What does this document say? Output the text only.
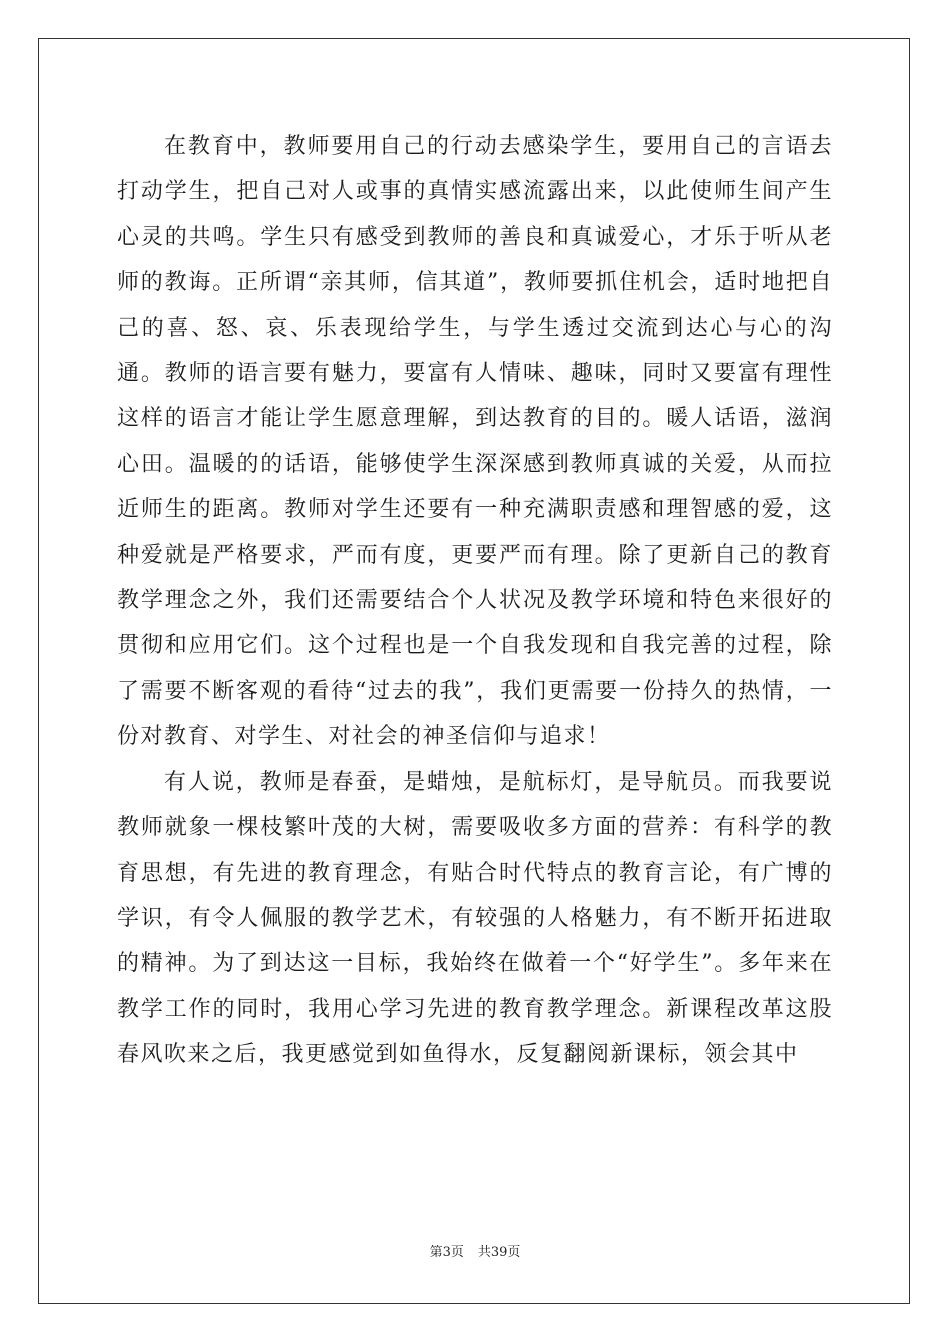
在教育中，教师要用自己的行动去感染学生，要用自己的言语去打动学生，把自己对人或事的真情实感流露出来，以此使师生间产生心灵的共鸣。学生只有感受到教师的善良和真诚爱心，才乐于听从老师的教诲。正所谓“亲其师，信其道”，教师要抓住机会，适时地把自己的喜、怒、哀、乐表现给学生，与学生透过交流到达心与心的沟通。教师的语言要有魅力，要富有人情味、趣味，同时又要富有理性这样的语言才能让学生愿意理解，到达教育的目的。暖人话语，滋润心田。温暖的的话语，能够使学生深深感到教师真诚的关爱，从而拉近师生的距离。教师对学生还要有一种充满职责感和理智感的爱，这种爱就是严格要求，严而有度，更要严而有理。除了更新自己的教育教学理念之外，我们还需要结合个人状况及教学环境和特色来很好的贯彻和应用它们。这个过程也是一个自我发现和自我完善的过程，除了需要不断客观的看待“过去的我”，我们更需要一份持久的热情，一份对教育、对学生、对社会的神圣信仰与追求！

有人说，教师是春蚕，是蜡烛，是航标灯，是导航员。而我要说教师就象一棵枝繁叶茂的大树，需要吸收多方面的营养：有科学的教育思想，有先进的教育理念，有贴合时代特点的教育言论，有广博的学识，有令人佩服的教学艺术，有较强的人格魅力，有不断开拓进取的精神。为了到达这一目标，我始终在做着一个“好学生”。多年来在教学工作的同时，我用心学习先进的教育教学理念。新课程改革这股春风吹来之后，我更感觉到如鱼得水，反复翻阅新课标，领会其中

第3页 共39页
